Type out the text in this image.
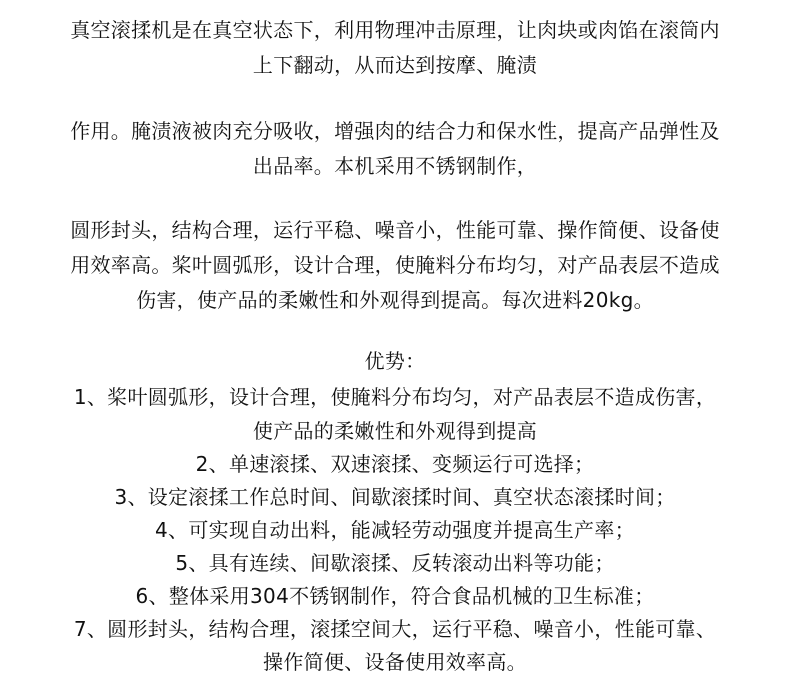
真空滚揉机是在真空状态下，利用物理冲击原理，让肉块或肉馅在滚筒内
上下翻动，从而达到按摩、腌渍
作用。腌渍液被肉充分吸收，增强肉的结合力和保水性，提高产品弹性及
出品率。本机采用不锈钢制作，
圆形封头，结构合理，运行平稳、噪音小，性能可靠、操作简便、设备使
用效率高。桨叶圆弧形，设计合理，使腌料分布均匀，对产品表层不造成
伤害，使产品的柔嫩性和外观得到提高。每次进料20kg。
优势：
1、桨叶圆弧形，设计合理，使腌料分布均匀，对产品表层不造成伤害，
使产品的柔嫩性和外观得到提高
2、单速滚揉、双速滚揉、变频运行可选择；
3、设定滚揉工作总时间、间歇滚揉时间、真空状态滚揉时间；
4、可实现自动出料，能减轻劳动强度并提高生产率；
5、具有连续、间歇滚揉、反转滚动出料等功能；
6、整体采用304不锈钢制作，符合食品机械的卫生标准；
7、圆形封头，结构合理，滚揉空间大，运行平稳、噪音小，性能可靠、
操作简便、设备使用效率高。
